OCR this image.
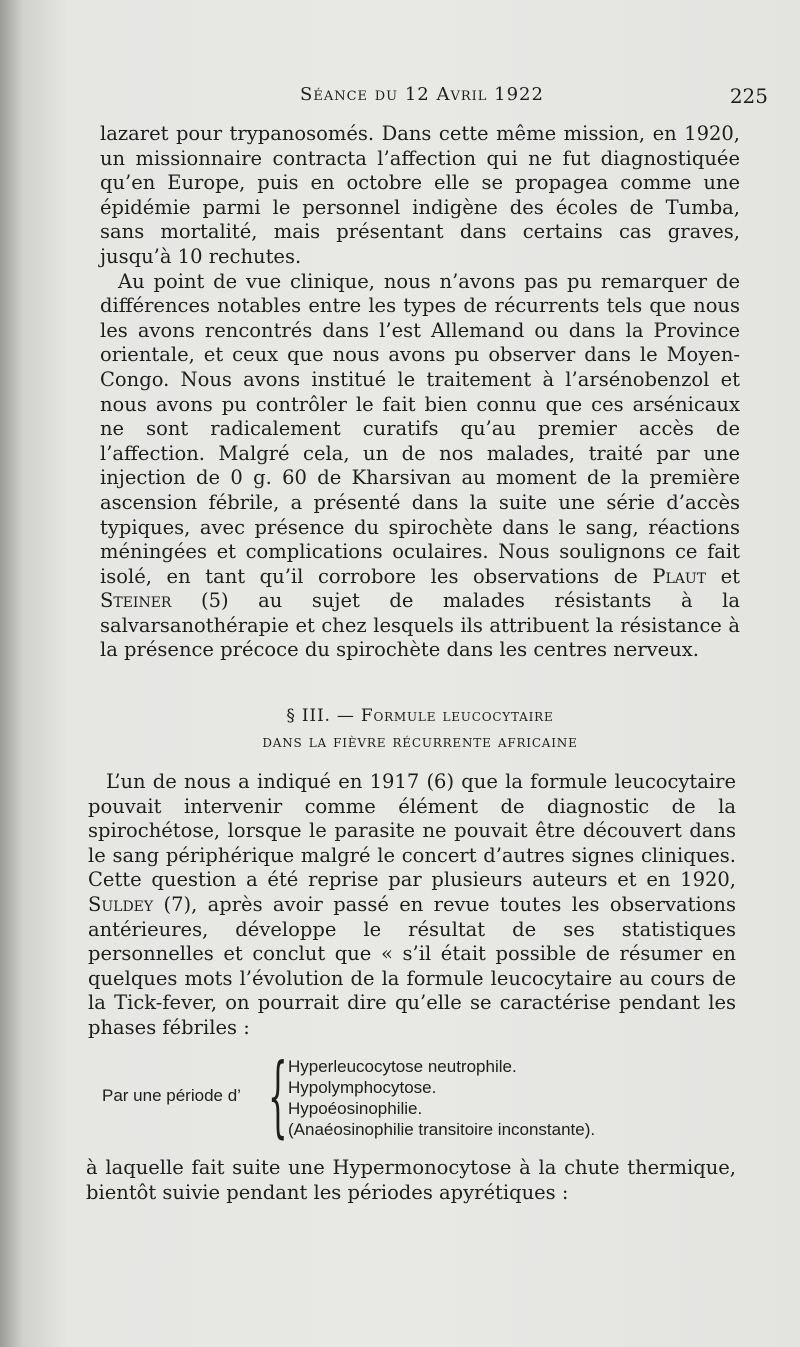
Séance du 12 Avril 1922	225

lazaret pour trypanosomés. Dans cette même mission, en 1920, un missionnaire contracta l’affection qui ne fut diagnostiquée qu’en Europe, puis en octobre elle se propagea comme une épidémie parmi le personnel indigène des écoles de Tumba, sans mortalité, mais présentant dans certains cas graves, jusqu’à 10 rechutes.

Au point de vue clinique, nous n’avons pas pu remarquer de différences notables entre les types de récurrents tels que nous les avons rencontrés dans l’est Allemand ou dans la Province orientale, et ceux que nous avons pu observer dans le Moyen-Congo. Nous avons institué le traitement à l’arsénobenzol et nous avons pu contrôler le fait bien connu que ces arsénicaux ne sont radicalement curatifs qu’au premier accès de l’affection. Malgré cela, un de nos malades, traité par une injection de 0 g. 60 de Kharsivan au moment de la première ascension fébrile, a présenté dans la suite une série d’accès typiques, avec présence du spirochète dans le sang, réactions méningées et complications oculaires. Nous soulignons ce fait isolé, en tant qu’il corrobore les observations de Plaut et Steiner (5) au sujet de malades résistants à la salvarsanothérapie et chez lesquels ils attribuent la résistance à la présence précoce du spirochète dans les centres nerveux.

§ III. — Formule leucocytaire
dans la fièvre récurrente africaine

L’un de nous a indiqué en 1917 (6) que la formule leucocytaire pouvait intervenir comme élément de diagnostic de la spirochétose, lorsque le parasite ne pouvait être découvert dans le sang périphérique malgré le concert d’autres signes cliniques. Cette question a été reprise par plusieurs auteurs et en 1920, Suldey (7), après avoir passé en revue toutes les observations antérieures, développe le résultat de ses statistiques personnelles et conclut que « s’il était possible de résumer en quelques mots l’évolution de la formule leucocytaire au cours de la Tick-fever, on pourrait dire qu’elle se caractérise pendant les phases fébriles :

Par une période d’ { Hyperleucocytose neutrophile.
Hypolymphocytose.
Hypoéosinophilie.
(Anaéosinophilie transitoire inconstante).

à laquelle fait suite une Hypermonocytose à la chute thermique, bientôt suivie pendant les périodes apyrétiques :
